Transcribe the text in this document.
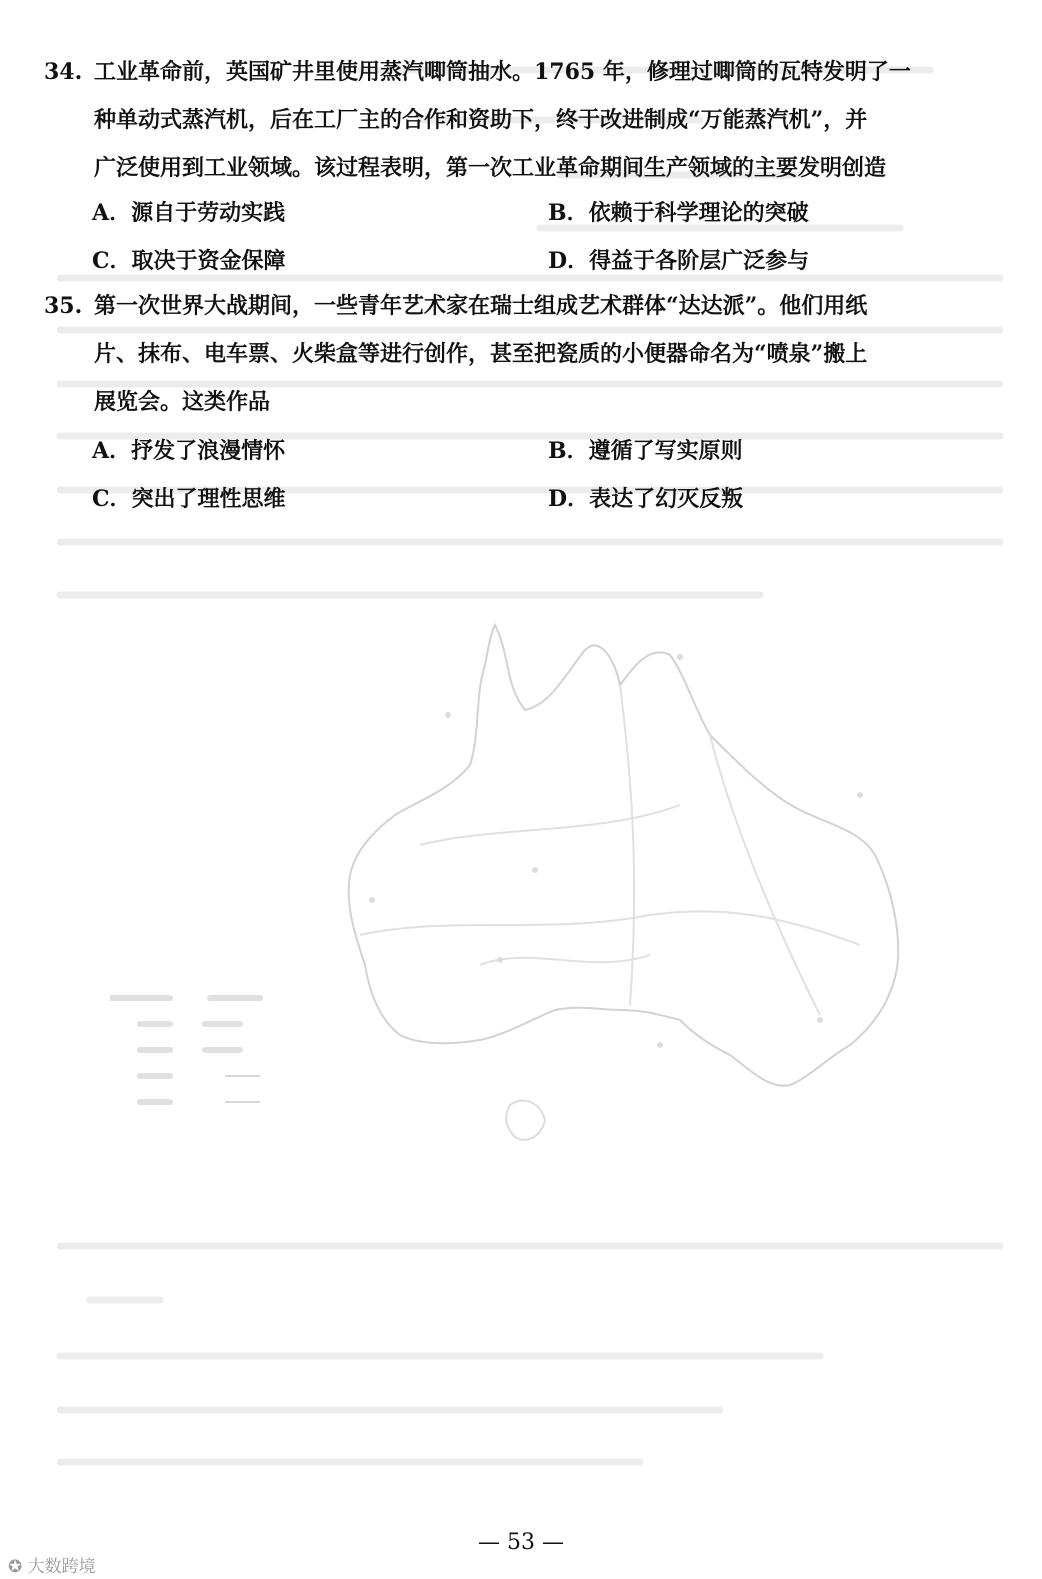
34. 工业革命前，英国矿井里使用蒸汽唧筒抽水。1765 年，修理过唧筒的瓦特发明了一
种单动式蒸汽机，后在工厂主的合作和资助下，终于改进制成“万能蒸汽机”，并
广泛使用到工业领域。该过程表明，第一次工业革命期间生产领域的主要发明创造
A．源自于劳动实践	B．依赖于科学理论的突破
C．取决于资金保障	D．得益于各阶层广泛参与
35. 第一次世界大战期间，一些青年艺术家在瑞士组成艺术群体“达达派”。他们用纸
片、抹布、电车票、火柴盒等进行创作，甚至把瓷质的小便器命名为“喷泉”搬上
展览会。这类作品
A．抒发了浪漫情怀	B．遵循了写实原则
C．突出了理性思维	D．表达了幻灭反叛
— 53 —
✪ 大数跨境
